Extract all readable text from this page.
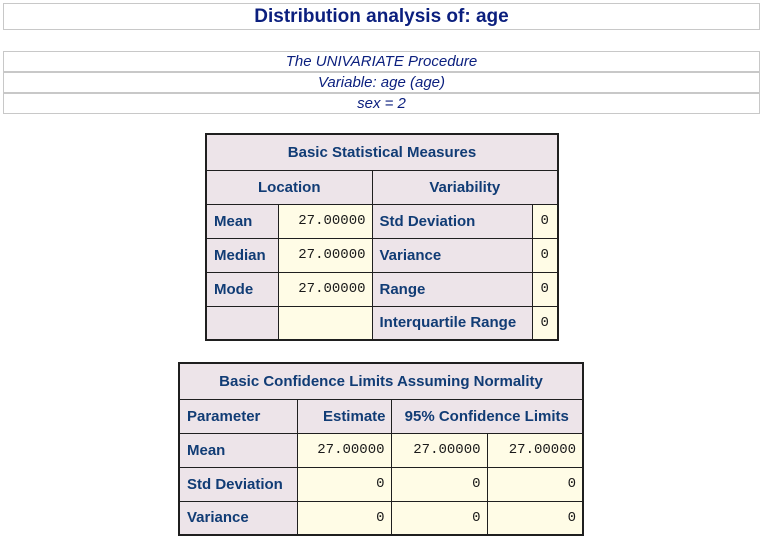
Distribution analysis of: age
The UNIVARIATE Procedure
Variable: age (age)
sex = 2
Basic Statistical Measures			
Location		Variability	
Mean	27.00000	Std Deviation	0
Median	27.00000	Variance	0
Mode	27.00000	Range	0
		Interquartile Range	0
Basic Confidence Limits Assuming Normality			
Parameter	Estimate	95% Confidence Limits	
Mean	27.00000	27.00000	27.00000
Std Deviation	0	0	0
Variance	0	0	0
